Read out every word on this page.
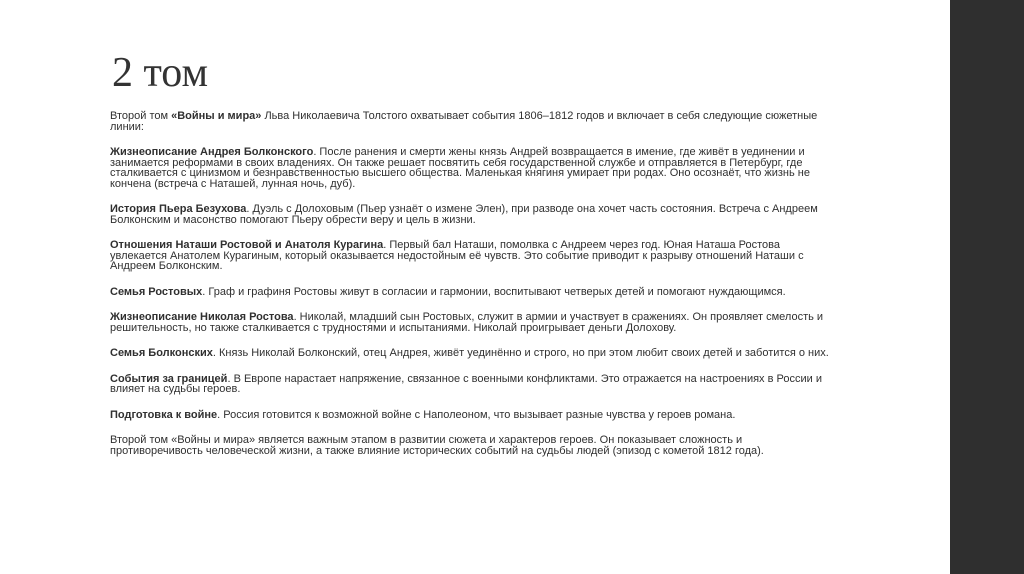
2 том

Второй том «Войны и мира» Льва Николаевича Толстого охватывает события 1806–1812 годов и включает в себя следующие сюжетные линии:

Жизнеописание Андрея Болконского. После ранения и смерти жены князь Андрей возвращается в имение, где живёт в уединении и занимается реформами в своих владениях. Он также решает посвятить себя государственной службе и отправляется в Петербург, где сталкивается с цинизмом и безнравственностью высшего общества. Маленькая княгиня умирает при родах. Оно осознаёт, что жизнь не кончена (встреча с Наташей, лунная ночь, дуб).

История Пьера Безухова. Дуэль с Долоховым (Пьер узнаёт о измене Элен), при разводе она хочет часть состояния. Встреча с Андреем Болконским и масонство помогают Пьеру обрести веру и цель в жизни.

Отношения Наташи Ростовой и Анатоля Курагина. Первый бал Наташи, помолвка с Андреем через год. Юная Наташа Ростова увлекается Анатолем Курагиным, который оказывается недостойным её чувств. Это событие приводит к разрыву отношений Наташи с Андреем Болконским.

Семья Ростовых. Граф и графиня Ростовы живут в согласии и гармонии, воспитывают четверых детей и помогают нуждающимся.

Жизнеописание Николая Ростова. Николай, младший сын Ростовых, служит в армии и участвует в сражениях. Он проявляет смелость и решительность, но также сталкивается с трудностями и испытаниями. Николай проигрывает деньги Долохову.

Семья Болконских. Князь Николай Болконский, отец Андрея, живёт уединённо и строго, но при этом любит своих детей и заботится о них.

События за границей. В Европе нарастает напряжение, связанное с военными конфликтами. Это отражается на настроениях в России и влияет на судьбы героев.

Подготовка к войне. Россия готовится к возможной войне с Наполеоном, что вызывает разные чувства у героев романа.

Второй том «Войны и мира» является важным этапом в развитии сюжета и характеров героев. Он показывает сложность и противоречивость человеческой жизни, а также влияние исторических событий на судьбы людей (эпизод с кометой 1812 года).
